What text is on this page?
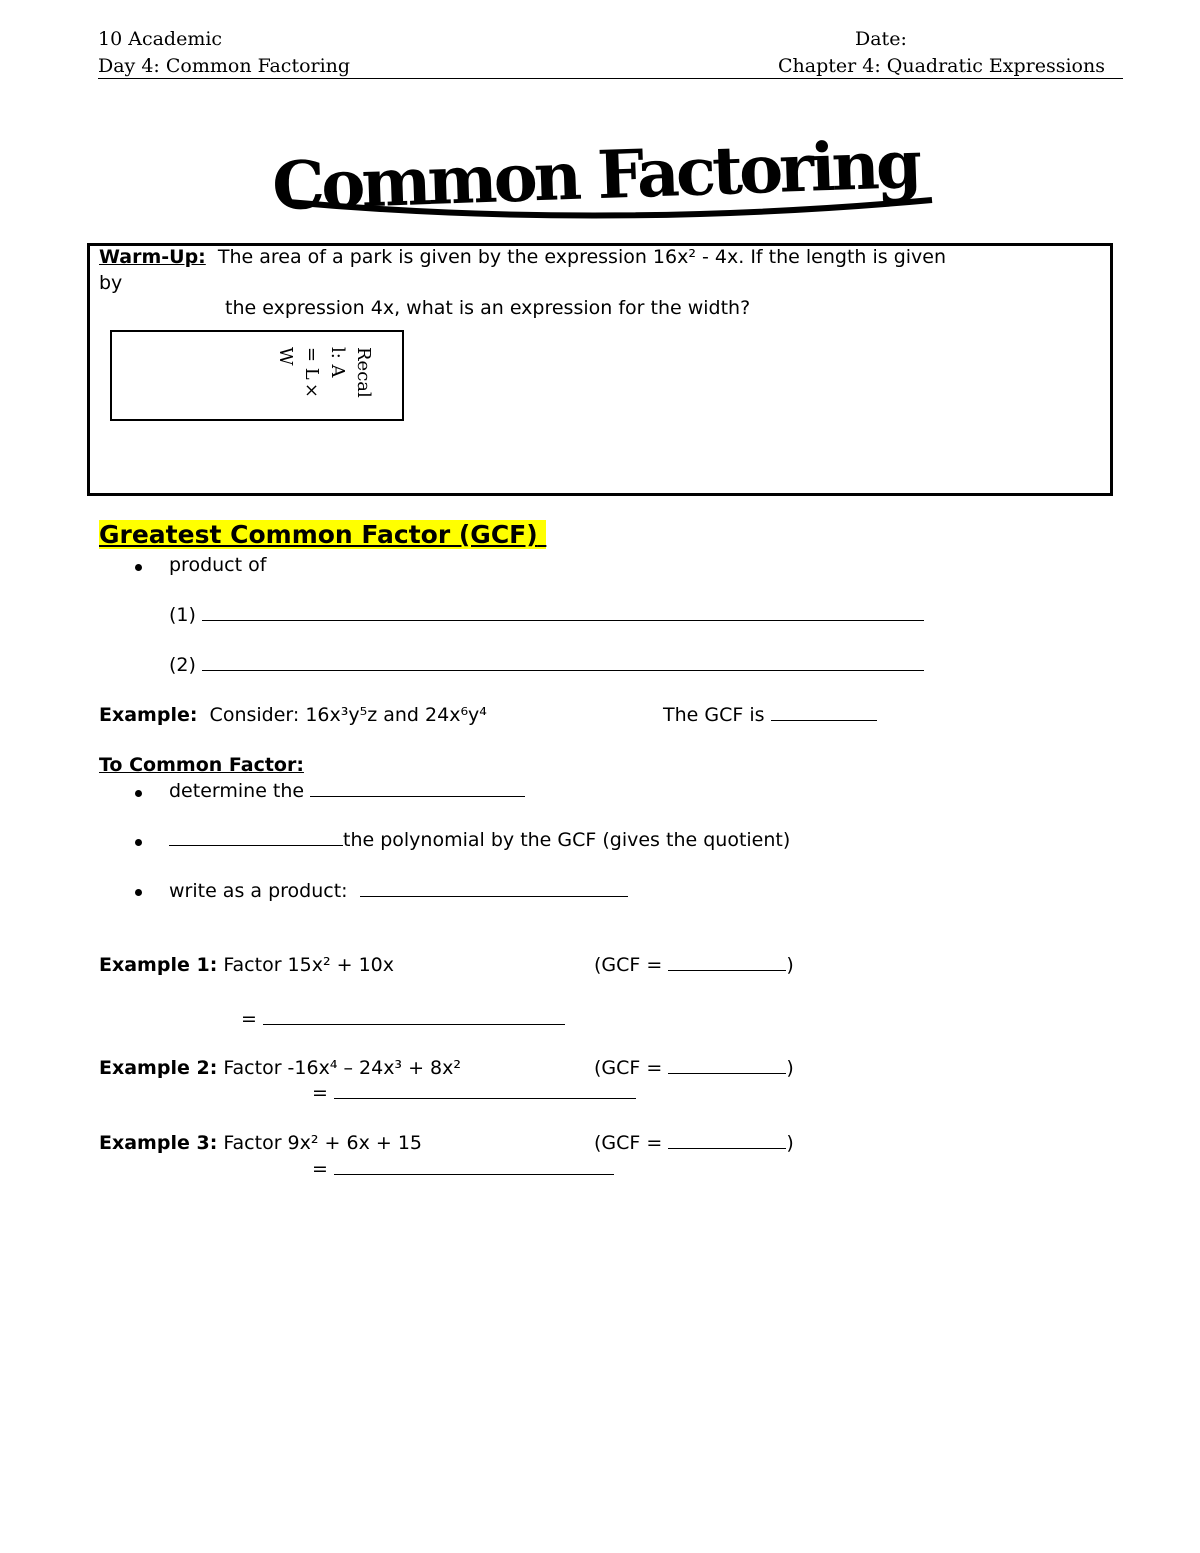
10 Academic	Date:
Day 4: Common Factoring	Chapter 4: Quadratic Expressions
Common Factoring
Warm-Up: The area of a park is given by the expression 16x² - 4x. If the length is given
by
the expression 4x, what is an expression for the width?
Recal
l: A
= L×
W
Greatest Common Factor (GCF)
product of
(1)
(2)
Example: Consider: 16x³y⁵z and 24x⁶y⁴	The GCF is
To Common Factor:
determine the
the polynomial by the GCF (gives the quotient)
write as a product:
Example 1: Factor 15x² + 10x	(GCF =	)
=
Example 2: Factor -16x⁴ – 24x³ + 8x²	(GCF =	)
=
Example 3: Factor 9x² + 6x + 15	(GCF =	)
=
